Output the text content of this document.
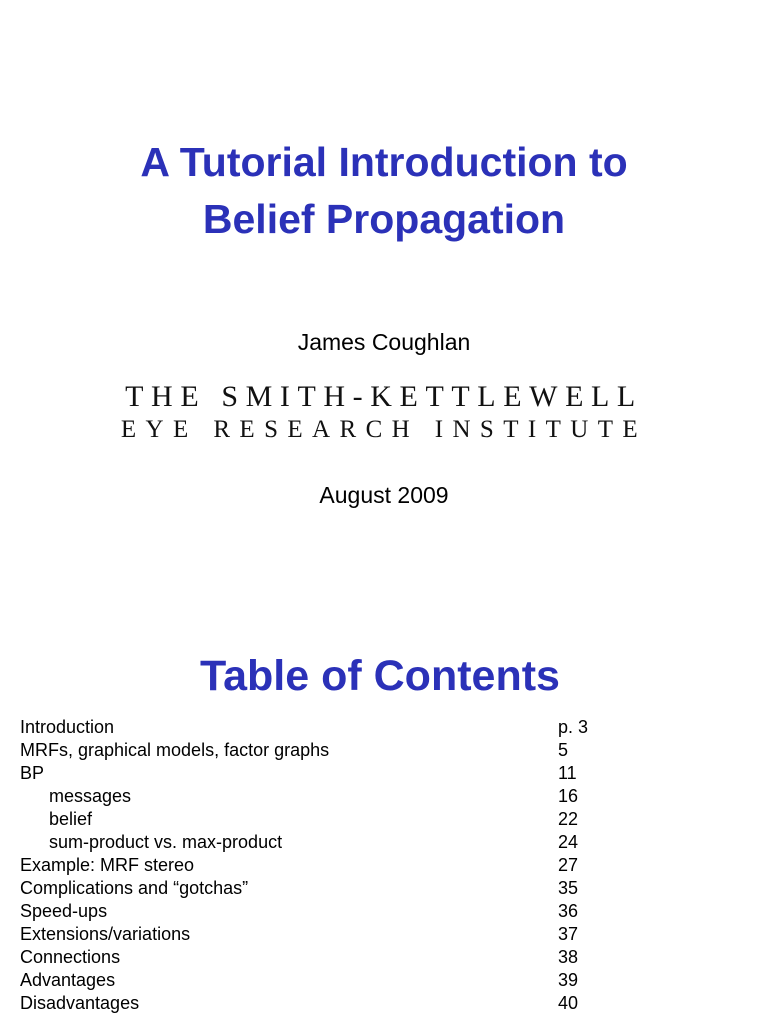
A Tutorial Introduction to
Belief Propagation
James Coughlan
THE SMITH-KETTLEWELL
EYE RESEARCH INSTITUTE
August 2009
Table of Contents
Introduction	p. 3
MRFs, graphical models, factor graphs	5
BP	11
messages	16
belief	22
sum-product vs. max-product	24
Example: MRF stereo	27
Complications and “gotchas”	35
Speed-ups	36
Extensions/variations	37
Connections	38
Advantages	39
Disadvantages	40
